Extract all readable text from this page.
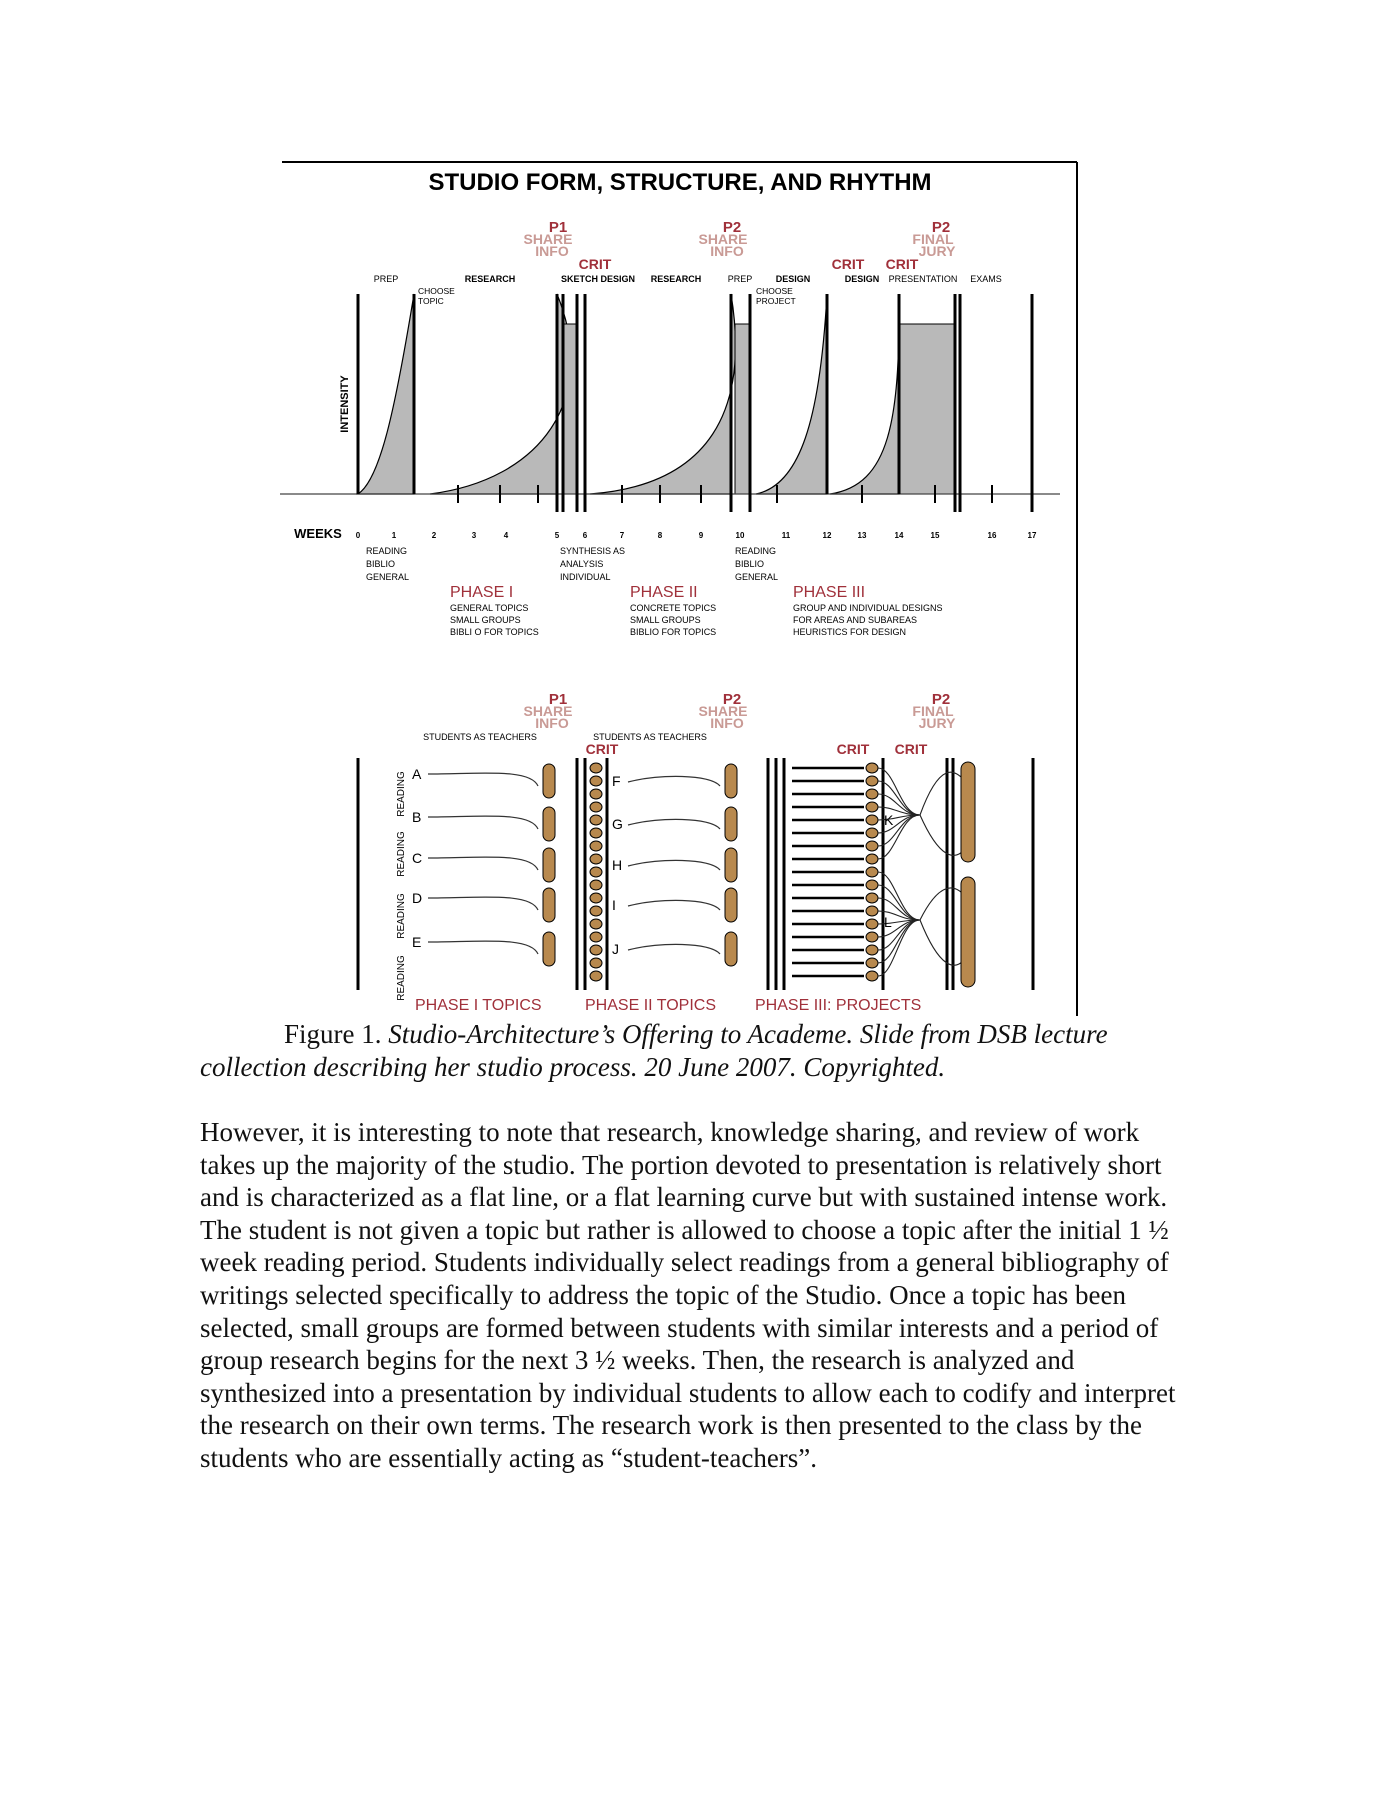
STUDIO FORM, STRUCTURE, AND RHYTHM
P1
SHARE
INFO
P2
SHARE
INFO
P2
FINAL
JURY
CRIT	CRIT CRIT
PREP	RESEARCH	SKETCH DESIGN RESEARCH	PREP	DESIGN	DESIGN PRESENTATION EXAMS
CHOOSE
TOPIC
CHOOSE
PROJECT
INTENSITY
WEEKS 0	1	2	3	4	5	6	7	8	9	10	11	12	13	14	15	16	17
READING
BIBLIO
GENERAL
SYNTHESIS AS
ANALYSIS
INDIVIDUAL
READING
BIBLIO
GENERAL
PHASE I
GENERAL TOPICS
SMALL GROUPS
BIBLI O FOR TOPICS
PHASE II
CONCRETE TOPICS
SMALL GROUPS
BIBLIO FOR TOPICS
PHASE III
GROUP AND INDIVIDUAL DESIGNS
FOR AREAS AND SUBAREAS
HEURISTICS FOR DESIGN
P1
SHARE
INFO
P2
SHARE
INFO
P2
FINAL
JURY
STUDENTS AS TEACHERS	STUDENTS AS TEACHERS
CRIT	CRIT CRIT
READING
READING
READING
READING
A
B
C
D
E
F
G
H
I
J
K
L
PHASE I TOPICS	PHASE II TOPICS PHASE III: PROJECTS
Figure 1. Studio-Architecture’s Offering to Academe. Slide from DSB lecture collection describing her studio process. 20 June 2007. Copyrighted.

However, it is interesting to note that research, knowledge sharing, and review of work takes up the majority of the studio. The portion devoted to presentation is relatively short and is characterized as a flat line, or a flat learning curve but with sustained intense work. The student is not given a topic but rather is allowed to choose a topic after the initial 1 ½ week reading period. Students individually select readings from a general bibliography of writings selected specifically to address the topic of the Studio. Once a topic has been selected, small groups are formed between students with similar interests and a period of group research begins for the next 3 ½ weeks. Then, the research is analyzed and synthesized into a presentation by individual students to allow each to codify and interpret the research on their own terms. The research work is then presented to the class by the students who are essentially acting as “student-teachers”.
